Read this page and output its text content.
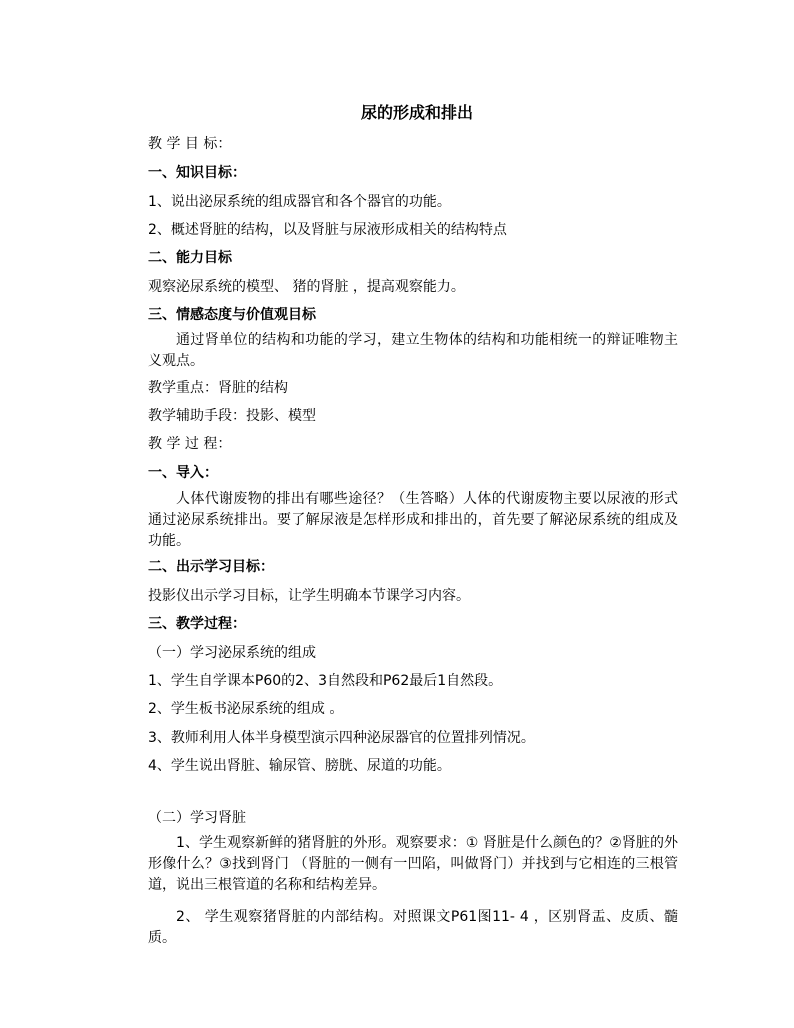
尿的形成和排出
教 学 目 标：
一、知识目标：
1、说出泌尿系统的组成器官和各个器官的功能。
2、概述肾脏的结构，以及肾脏与尿液形成相关的结构特点
二、能力目标
观察泌尿系统的模型、 猪的肾脏 ，提高观察能力。
三、情感态度与价值观目标
通过肾单位的结构和功能的学习，建立生物体的结构和功能相统一的辩证唯物主义观点。
教学重点：肾脏的结构
教学辅助手段：投影、模型
教 学 过 程：
一、导入：
人体代谢废物的排出有哪些途径？（生答略）人体的代谢废物主要以尿液的形式通过泌尿系统排出。要了解尿液是怎样形成和排出的，首先要了解泌尿系统的组成及功能。
二、出示学习目标：
投影仪出示学习目标，让学生明确本节课学习内容。
三、教学过程：
（一）学习泌尿系统的组成
1、学生自学课本P60的2、3自然段和P62最后1自然段。
2、学生板书泌尿系统的组成 。
3、教师利用人体半身模型演示四种泌尿器官的位置排列情况。
4、学生说出肾脏、输尿管、膀胱、尿道的功能。
（二）学习肾脏
1、学生观察新鲜的猪肾脏的外形。观察要求：① 肾脏是什么颜色的？②肾脏的外形像什么？③找到肾门 （肾脏的一侧有一凹陷，叫做肾门）并找到与它相连的三根管道，说出三根管道的名称和结构差异。
2、 学生观察猪肾脏的内部结构。对照课文P61图11- 4 ，区别肾盂、皮质、髓质。
